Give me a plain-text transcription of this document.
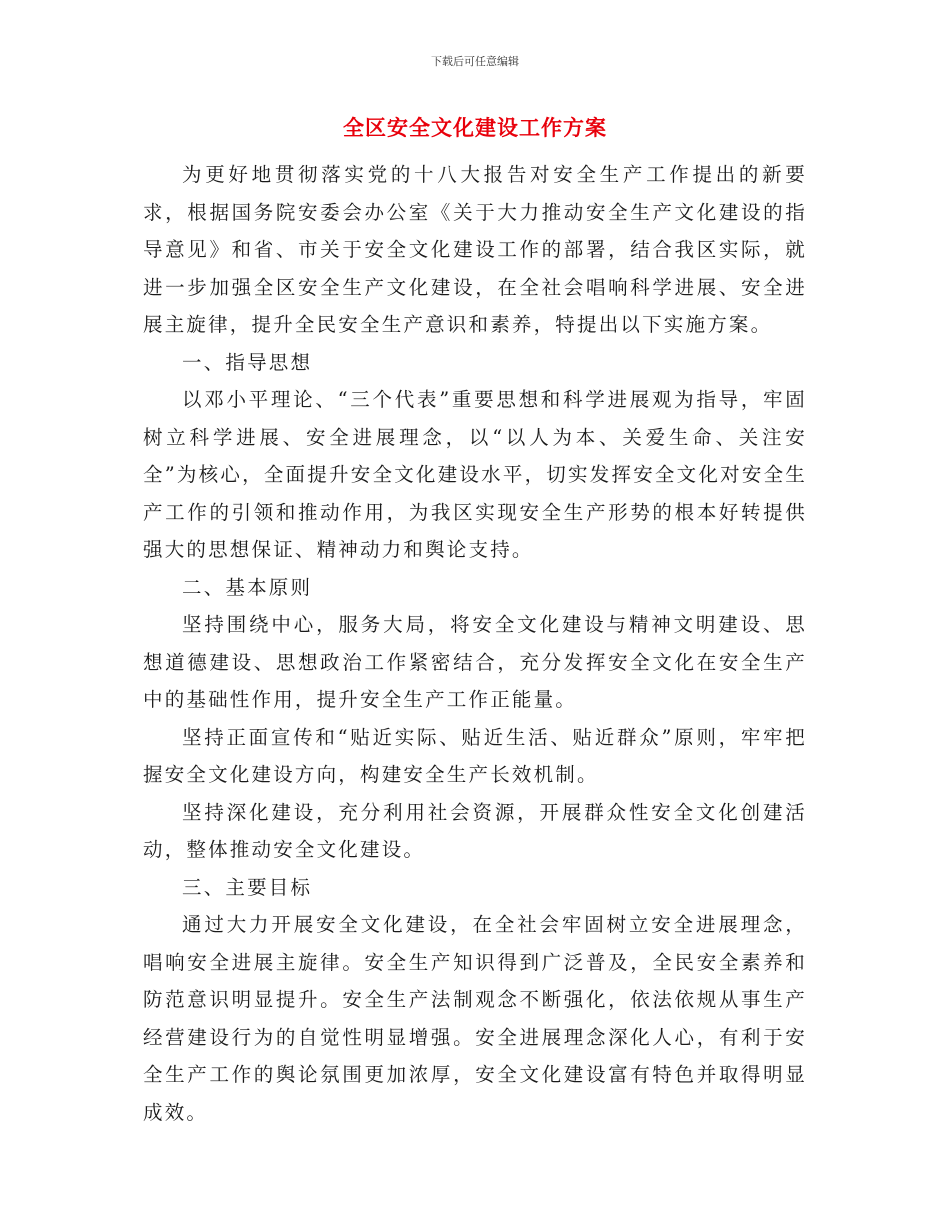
下载后可任意编辑
全区安全文化建设工作方案

为更好地贯彻落实党的十八大报告对安全生产工作提出的新要求，根据国务院安委会办公室《关于大力推动安全生产文化建设的指导意见》和省、市关于安全文化建设工作的部署，结合我区实际，就进一步加强全区安全生产文化建设，在全社会唱响科学进展、安全进展主旋律，提升全民安全生产意识和素养，特提出以下实施方案。

一、指导思想

以邓小平理论、“三个代表”重要思想和科学进展观为指导，牢固树立科学进展、安全进展理念，以“以人为本、关爱生命、关注安全”为核心，全面提升安全文化建设水平，切实发挥安全文化对安全生产工作的引领和推动作用，为我区实现安全生产形势的根本好转提供强大的思想保证、精神动力和舆论支持。

二、基本原则

坚持围绕中心，服务大局，将安全文化建设与精神文明建设、思想道德建设、思想政治工作紧密结合，充分发挥安全文化在安全生产中的基础性作用，提升安全生产工作正能量。

坚持正面宣传和“贴近实际、贴近生活、贴近群众”原则，牢牢把握安全文化建设方向，构建安全生产长效机制。

坚持深化建设，充分利用社会资源，开展群众性安全文化创建活动，整体推动安全文化建设。

三、主要目标

通过大力开展安全文化建设，在全社会牢固树立安全进展理念，唱响安全进展主旋律。安全生产知识得到广泛普及，全民安全素养和防范意识明显提升。安全生产法制观念不断强化，依法依规从事生产经营建设行为的自觉性明显增强。安全进展理念深化人心，有利于安全生产工作的舆论氛围更加浓厚，安全文化建设富有特色并取得明显成效。
